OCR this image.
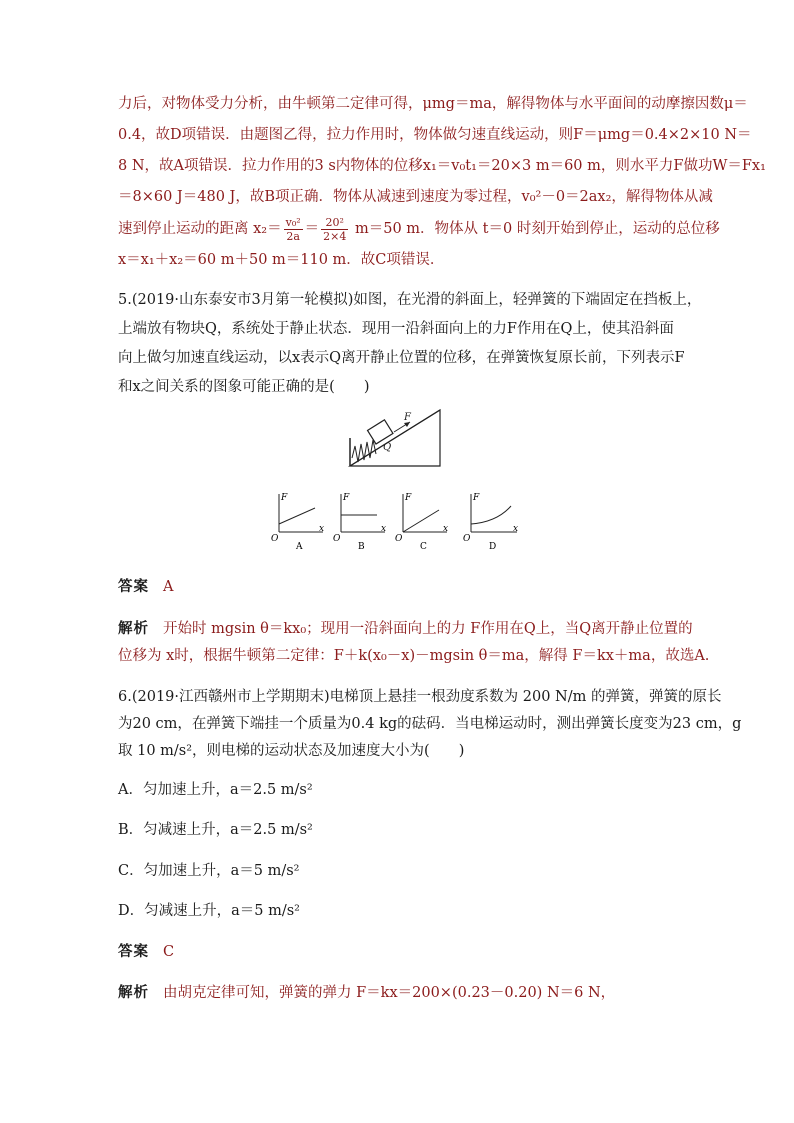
力后，对物体受力分析，由牛顿第二定律可得，μmg＝ma，解得物体与水平面间的动摩擦因数μ＝
0.4，故D项错误．由题图乙得，拉力作用时，物体做匀速直线运动，则F＝μmg＝0.4×2×10 N＝
8 N，故A项错误．拉力作用的3 s内物体的位移x₁＝v₀t₁＝20×3 m＝60 m，则水平力F做功W＝Fx₁
＝8×60 J＝480 J，故B项正确．物体从减速到速度为零过程，v₀²－0＝2ax₂，解得物体从减
速到停止运动的距离 $x_2= \frac{\text{v₀²}}{2a} = \frac{\text{20²}}{2\times 4} m=50$ m．物体从 t＝0 时刻开始到停止，运动的总位移
x＝x₁＋x₂＝60 m＋50 m＝110 m．故C项错误．
5.(2019·山东泰安市3月第一轮模拟)如图，在光滑的斜面上，轻弹簧的下端固定在挡板上，
上端放有物块Q，系统处于静止状态．现用一沿斜面向上的力F作用在Q上，使其沿斜面
向上做匀加速直线运动，以x表示Q离开静止位置的位移，在弹簧恢复原长前，下列表示F
和x之间关系的图象可能正确的是(　　)
Q
F
F
x
O
A
F
x
O
B
F
x
O
C
F
x
O
D
答案 A
解析 开始时 mgsin θ＝kx₀；现用一沿斜面向上的力 F作用在Q上，当Q离开静止位置的
位移为 x时，根据牛顿第二定律：F＋k(x₀－x)－mgsin θ＝ma，解得 F＝kx＋ma，故选A.
6.(2019·江西赣州市上学期期末)电梯顶上悬挂一根劲度系数为 200 N/m 的弹簧，弹簧的原长
为20 cm，在弹簧下端挂一个质量为0.4 kg的砝码．当电梯运动时，测出弹簧长度变为23 cm，g
取 10 m/s²，则电梯的运动状态及加速度大小为(　　)
A．匀加速上升，a＝2.5 m/s²
B．匀减速上升，a＝2.5 m/s²
C．匀加速上升，a＝5 m/s²
D．匀减速上升，a＝5 m/s²
答案 C
解析 由胡克定律可知，弹簧的弹力 F＝kx＝200×(0.23－0.20) N＝6 N，
